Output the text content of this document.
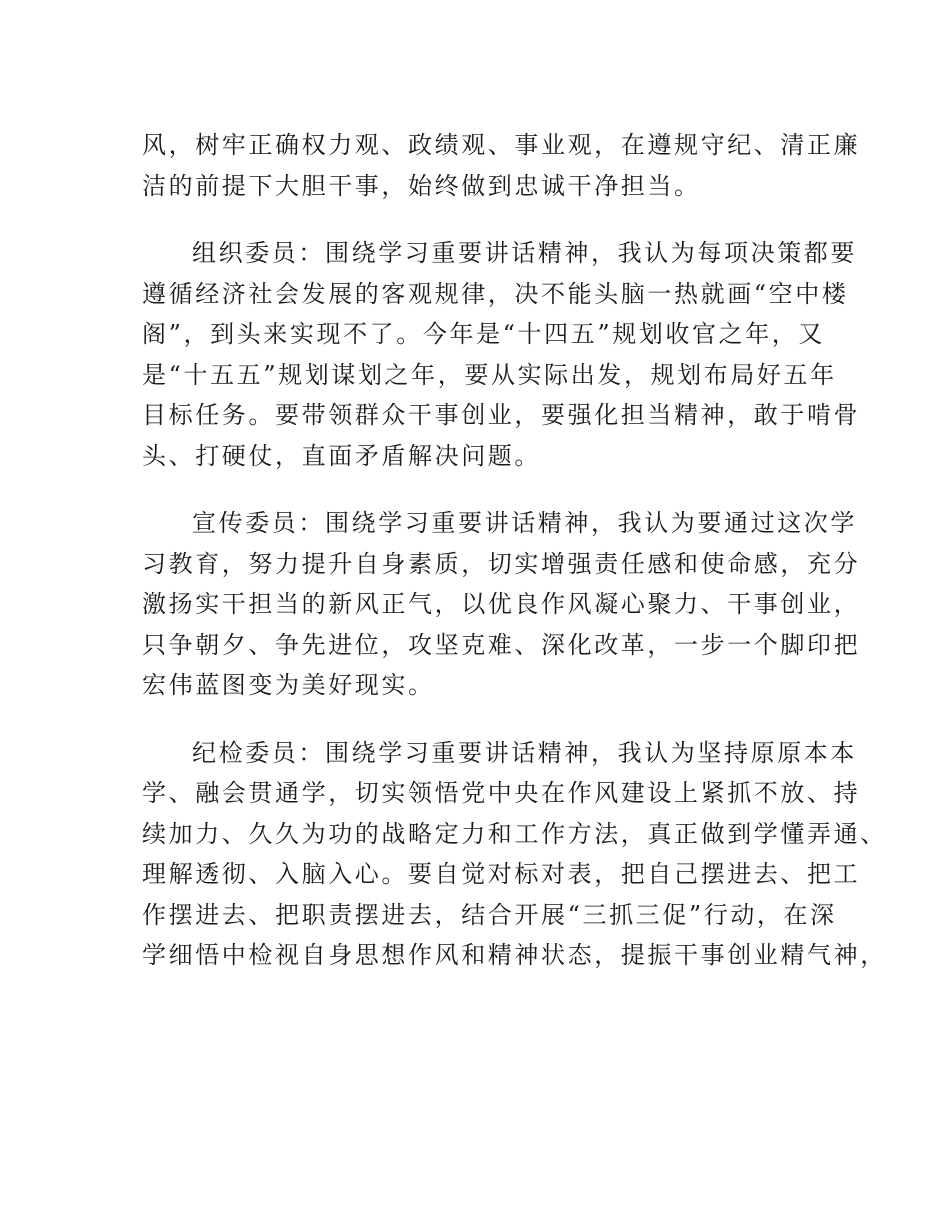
风，树牢正确权力观、政绩观、事业观，在遵规守纪、清正廉
洁的前提下大胆干事，始终做到忠诚干净担当。
组织委员：围绕学习重要讲话精神，我认为每项决策都要
遵循经济社会发展的客观规律，决不能头脑一热就画“空中楼
阁”，到头来实现不了。今年是“十四五”规划收官之年，又
是“十五五”规划谋划之年，要从实际出发，规划布局好五年
目标任务。要带领群众干事创业，要强化担当精神，敢于啃骨
头、打硬仗，直面矛盾解决问题。
宣传委员：围绕学习重要讲话精神，我认为要通过这次学
习教育，努力提升自身素质，切实增强责任感和使命感，充分
激扬实干担当的新风正气，以优良作风凝心聚力、干事创业，
只争朝夕、争先进位，攻坚克难、深化改革，一步一个脚印把
宏伟蓝图变为美好现实。
纪检委员：围绕学习重要讲话精神，我认为坚持原原本本
学、融会贯通学，切实领悟党中央在作风建设上紧抓不放、持
续加力、久久为功的战略定力和工作方法，真正做到学懂弄通、
理解透彻、入脑入心。要自觉对标对表，把自己摆进去、把工
作摆进去、把职责摆进去，结合开展“三抓三促”行动，在深
学细悟中检视自身思想作风和精神状态，提振干事创业精气神，
